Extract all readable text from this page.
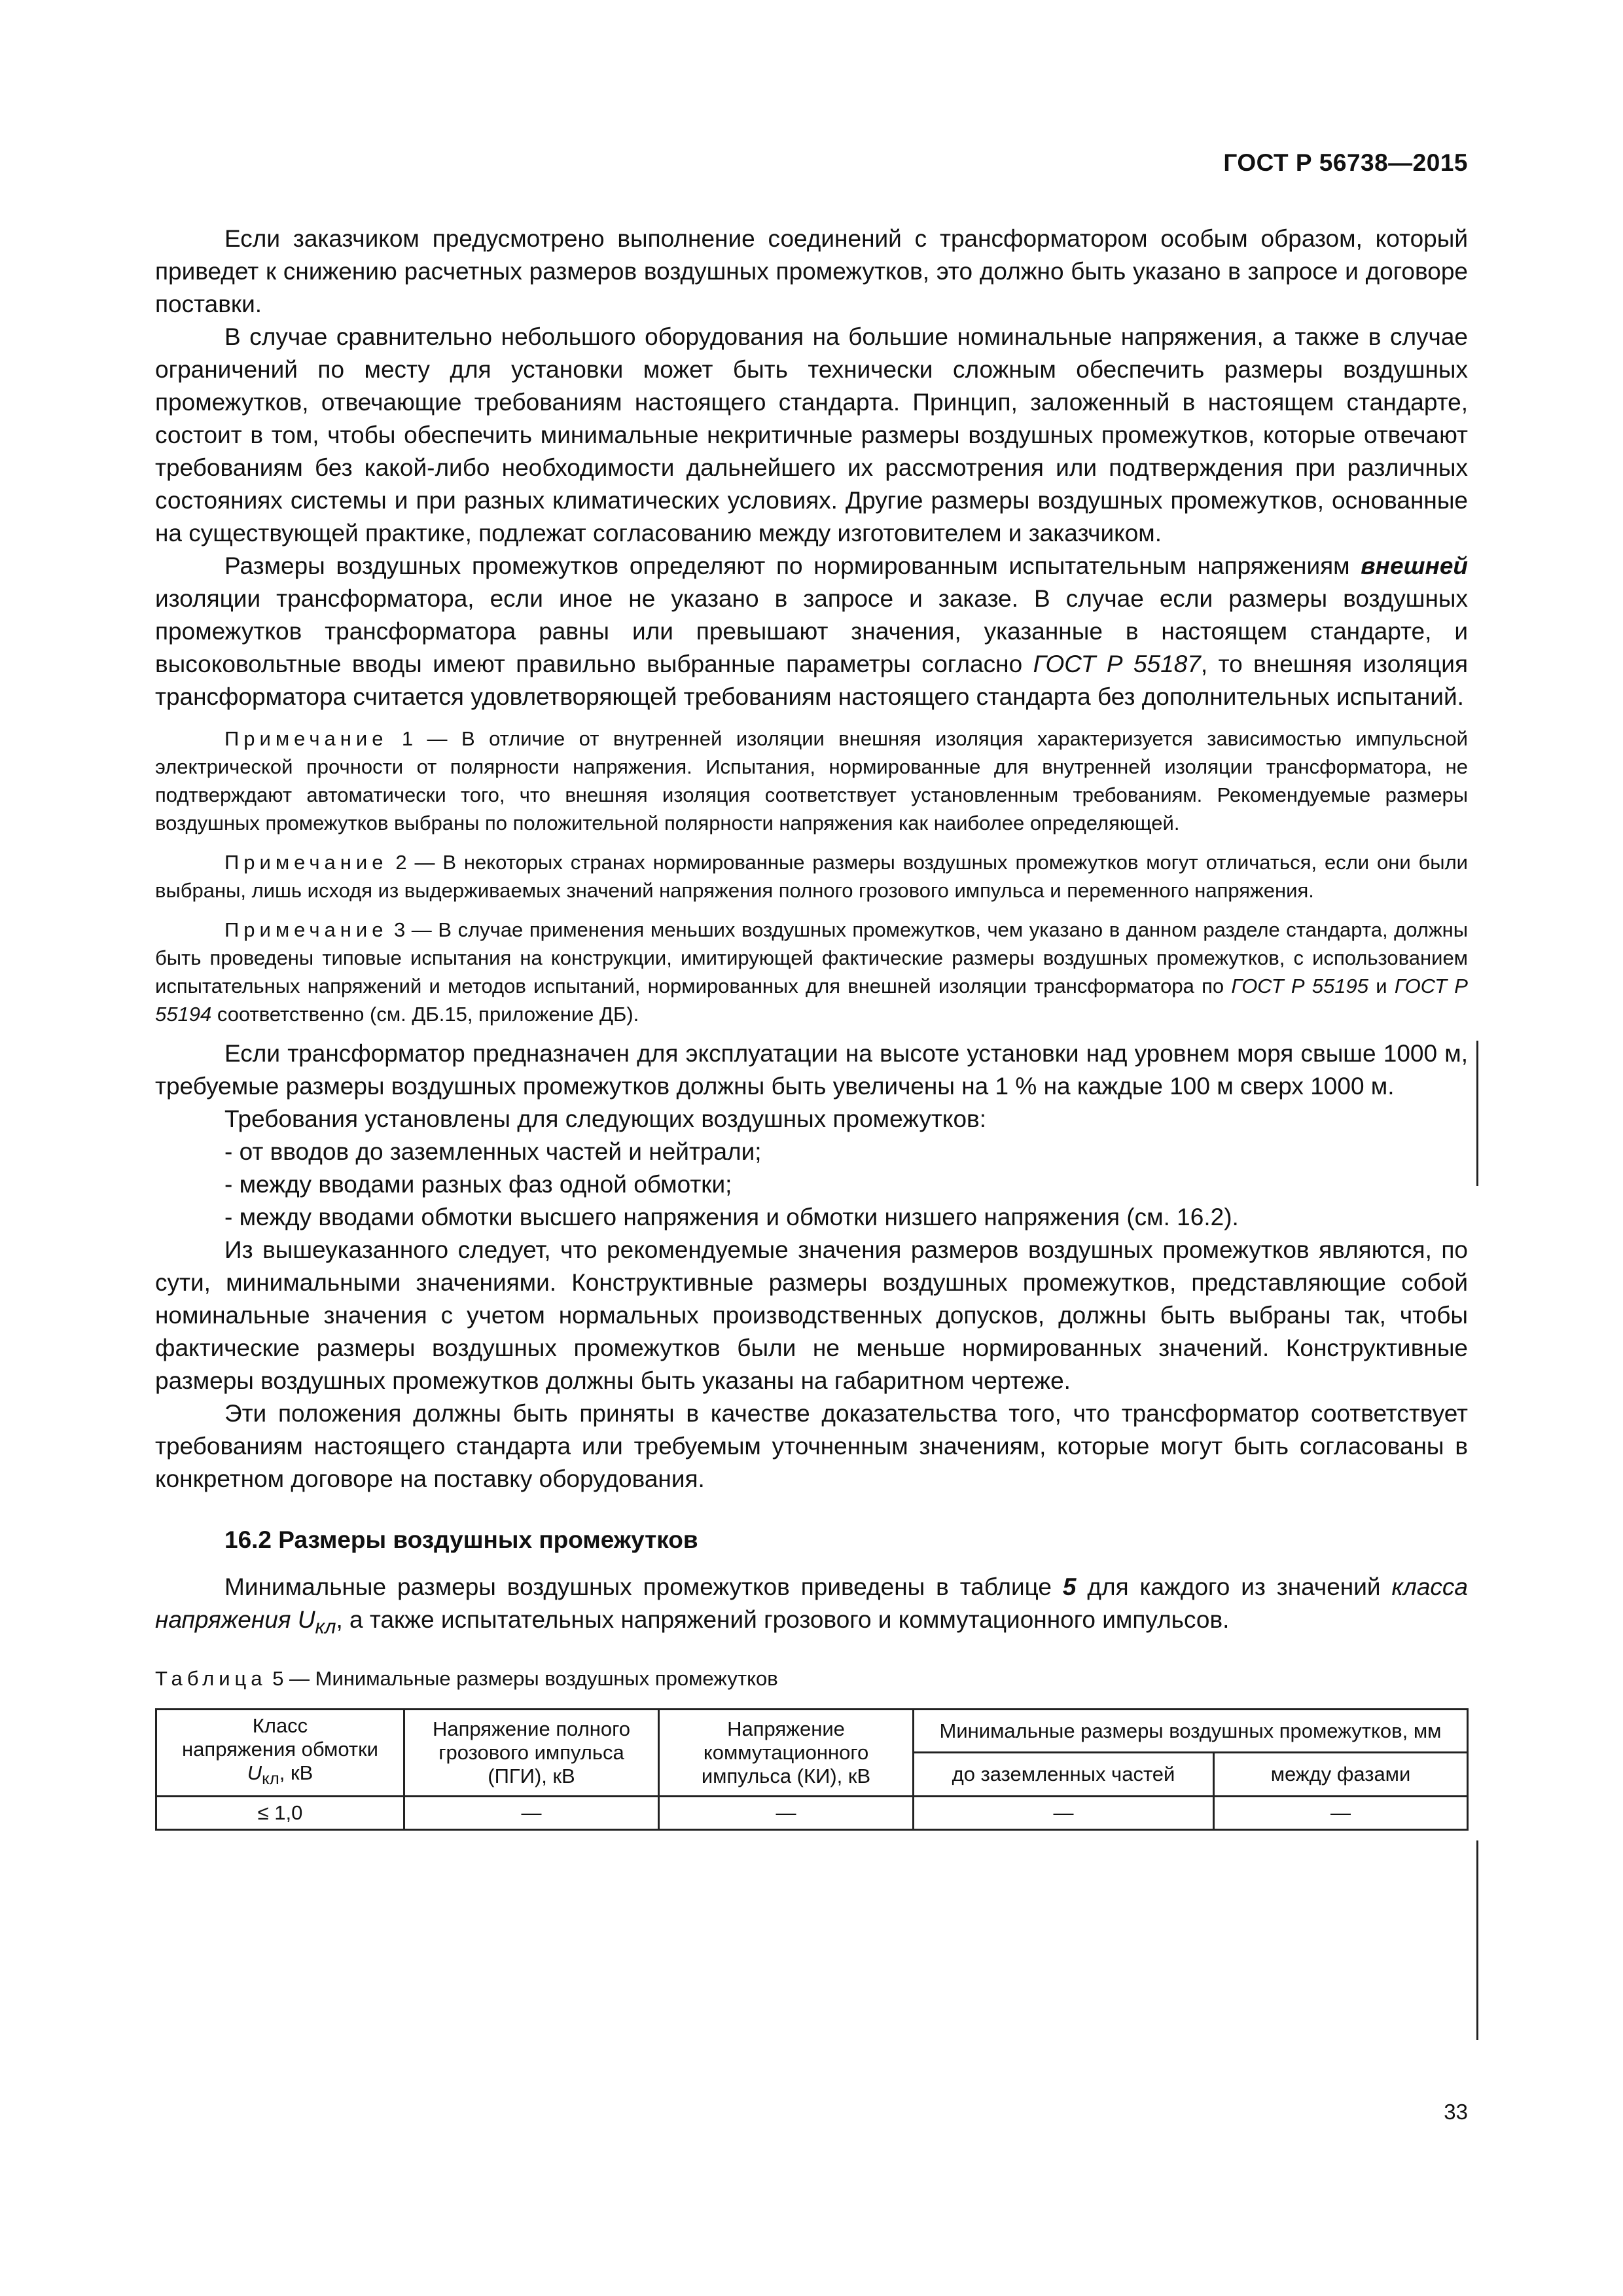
ГОСТ Р 56738—2015

Если заказчиком предусмотрено выполнение соединений с трансформатором особым образом, который приведет к снижению расчетных размеров воздушных промежутков, это должно быть указано в запросе и договоре поставки.

В случае сравнительно небольшого оборудования на большие номинальные напряжения, а также в случае ограничений по месту для установки может быть технически сложным обеспечить размеры воздушных промежутков, отвечающие требованиям настоящего стандарта. Принцип, заложенный в настоящем стандарте, состоит в том, чтобы обеспечить минимальные некритичные размеры воздушных промежутков, которые отвечают требованиям без какой-либо необходимости дальнейшего их рассмотрения или подтверждения при различных состояниях системы и при разных климатических условиях. Другие размеры воздушных промежутков, основанные на существующей практике, подлежат согласованию между изготовителем и заказчиком.

Размеры воздушных промежутков определяют по нормированным испытательным напряжениям внешней изоляции трансформатора, если иное не указано в запросе и заказе. В случае если размеры воздушных промежутков трансформатора равны или превышают значения, указанные в настоящем стандарте, и высоковольтные вводы имеют правильно выбранные параметры согласно ГОСТ Р 55187, то внешняя изоляция трансформатора считается удовлетворяющей требованиям настоящего стандарта без дополнительных испытаний.

Примечание 1 — В отличие от внутренней изоляции внешняя изоляция характеризуется зависимостью импульсной электрической прочности от полярности напряжения. Испытания, нормированные для внутренней изоляции трансформатора, не подтверждают автоматически того, что внешняя изоляция соответствует установленным требованиям. Рекомендуемые размеры воздушных промежутков выбраны по положительной полярности напряжения как наиболее определяющей.
Примечание 2 — В некоторых странах нормированные размеры воздушных промежутков могут отличаться, если они были выбраны, лишь исходя из выдерживаемых значений напряжения полного грозового импульса и переменного напряжения.
Примечание 3 — В случае применения меньших воздушных промежутков, чем указано в данном разделе стандарта, должны быть проведены типовые испытания на конструкции, имитирующей фактические размеры воздушных промежутков, с использованием испытательных напряжений и методов испытаний, нормированных для внешней изоляции трансформатора по ГОСТ Р 55195 и ГОСТ Р 55194 соответственно (см. ДБ.15, приложение ДБ).

Если трансформатор предназначен для эксплуатации на высоте установки над уровнем моря свыше 1000 м, требуемые размеры воздушных промежутков должны быть увеличены на 1 % на каждые 100 м сверх 1000 м.

Требования установлены для следующих воздушных промежутков:

- от вводов до заземленных частей и нейтрали;
- между вводами разных фаз одной обмотки;
- между вводами обмотки высшего напряжения и обмотки низшего напряжения (см. 16.2).

Из вышеуказанного следует, что рекомендуемые значения размеров воздушных промежутков являются, по сути, минимальными значениями. Конструктивные размеры воздушных промежутков, представляющие собой номинальные значения с учетом нормальных производственных допусков, должны быть выбраны так, чтобы фактические размеры воздушных промежутков были не меньше нормированных значений. Конструктивные размеры воздушных промежутков должны быть указаны на габаритном чертеже.

Эти положения должны быть приняты в качестве доказательства того, что трансформатор соответствует требованиям настоящего стандарта или требуемым уточненным значениям, которые могут быть согласованы в конкретном договоре на поставку оборудования.

16.2 Размеры воздушных промежутков

Минимальные размеры воздушных промежутков приведены в таблице 5 для каждого из значений класса напряжения $U_{кл}$, а также испытательных напряжений грозового и коммутационного импульсов.

Таблица 5 — Минимальные размеры воздушных промежутков
Класс
напряжения обмотки
$U_{кл}$, кВ	Напряжение полного грозового импульса (ПГИ), кВ	Напряжение коммутационного импульса (КИ), кВ	Минимальные размеры воздушных промежутков, мм	
			до заземленных частей	между фазами
≤ 1,0	—	—	—	—
33
